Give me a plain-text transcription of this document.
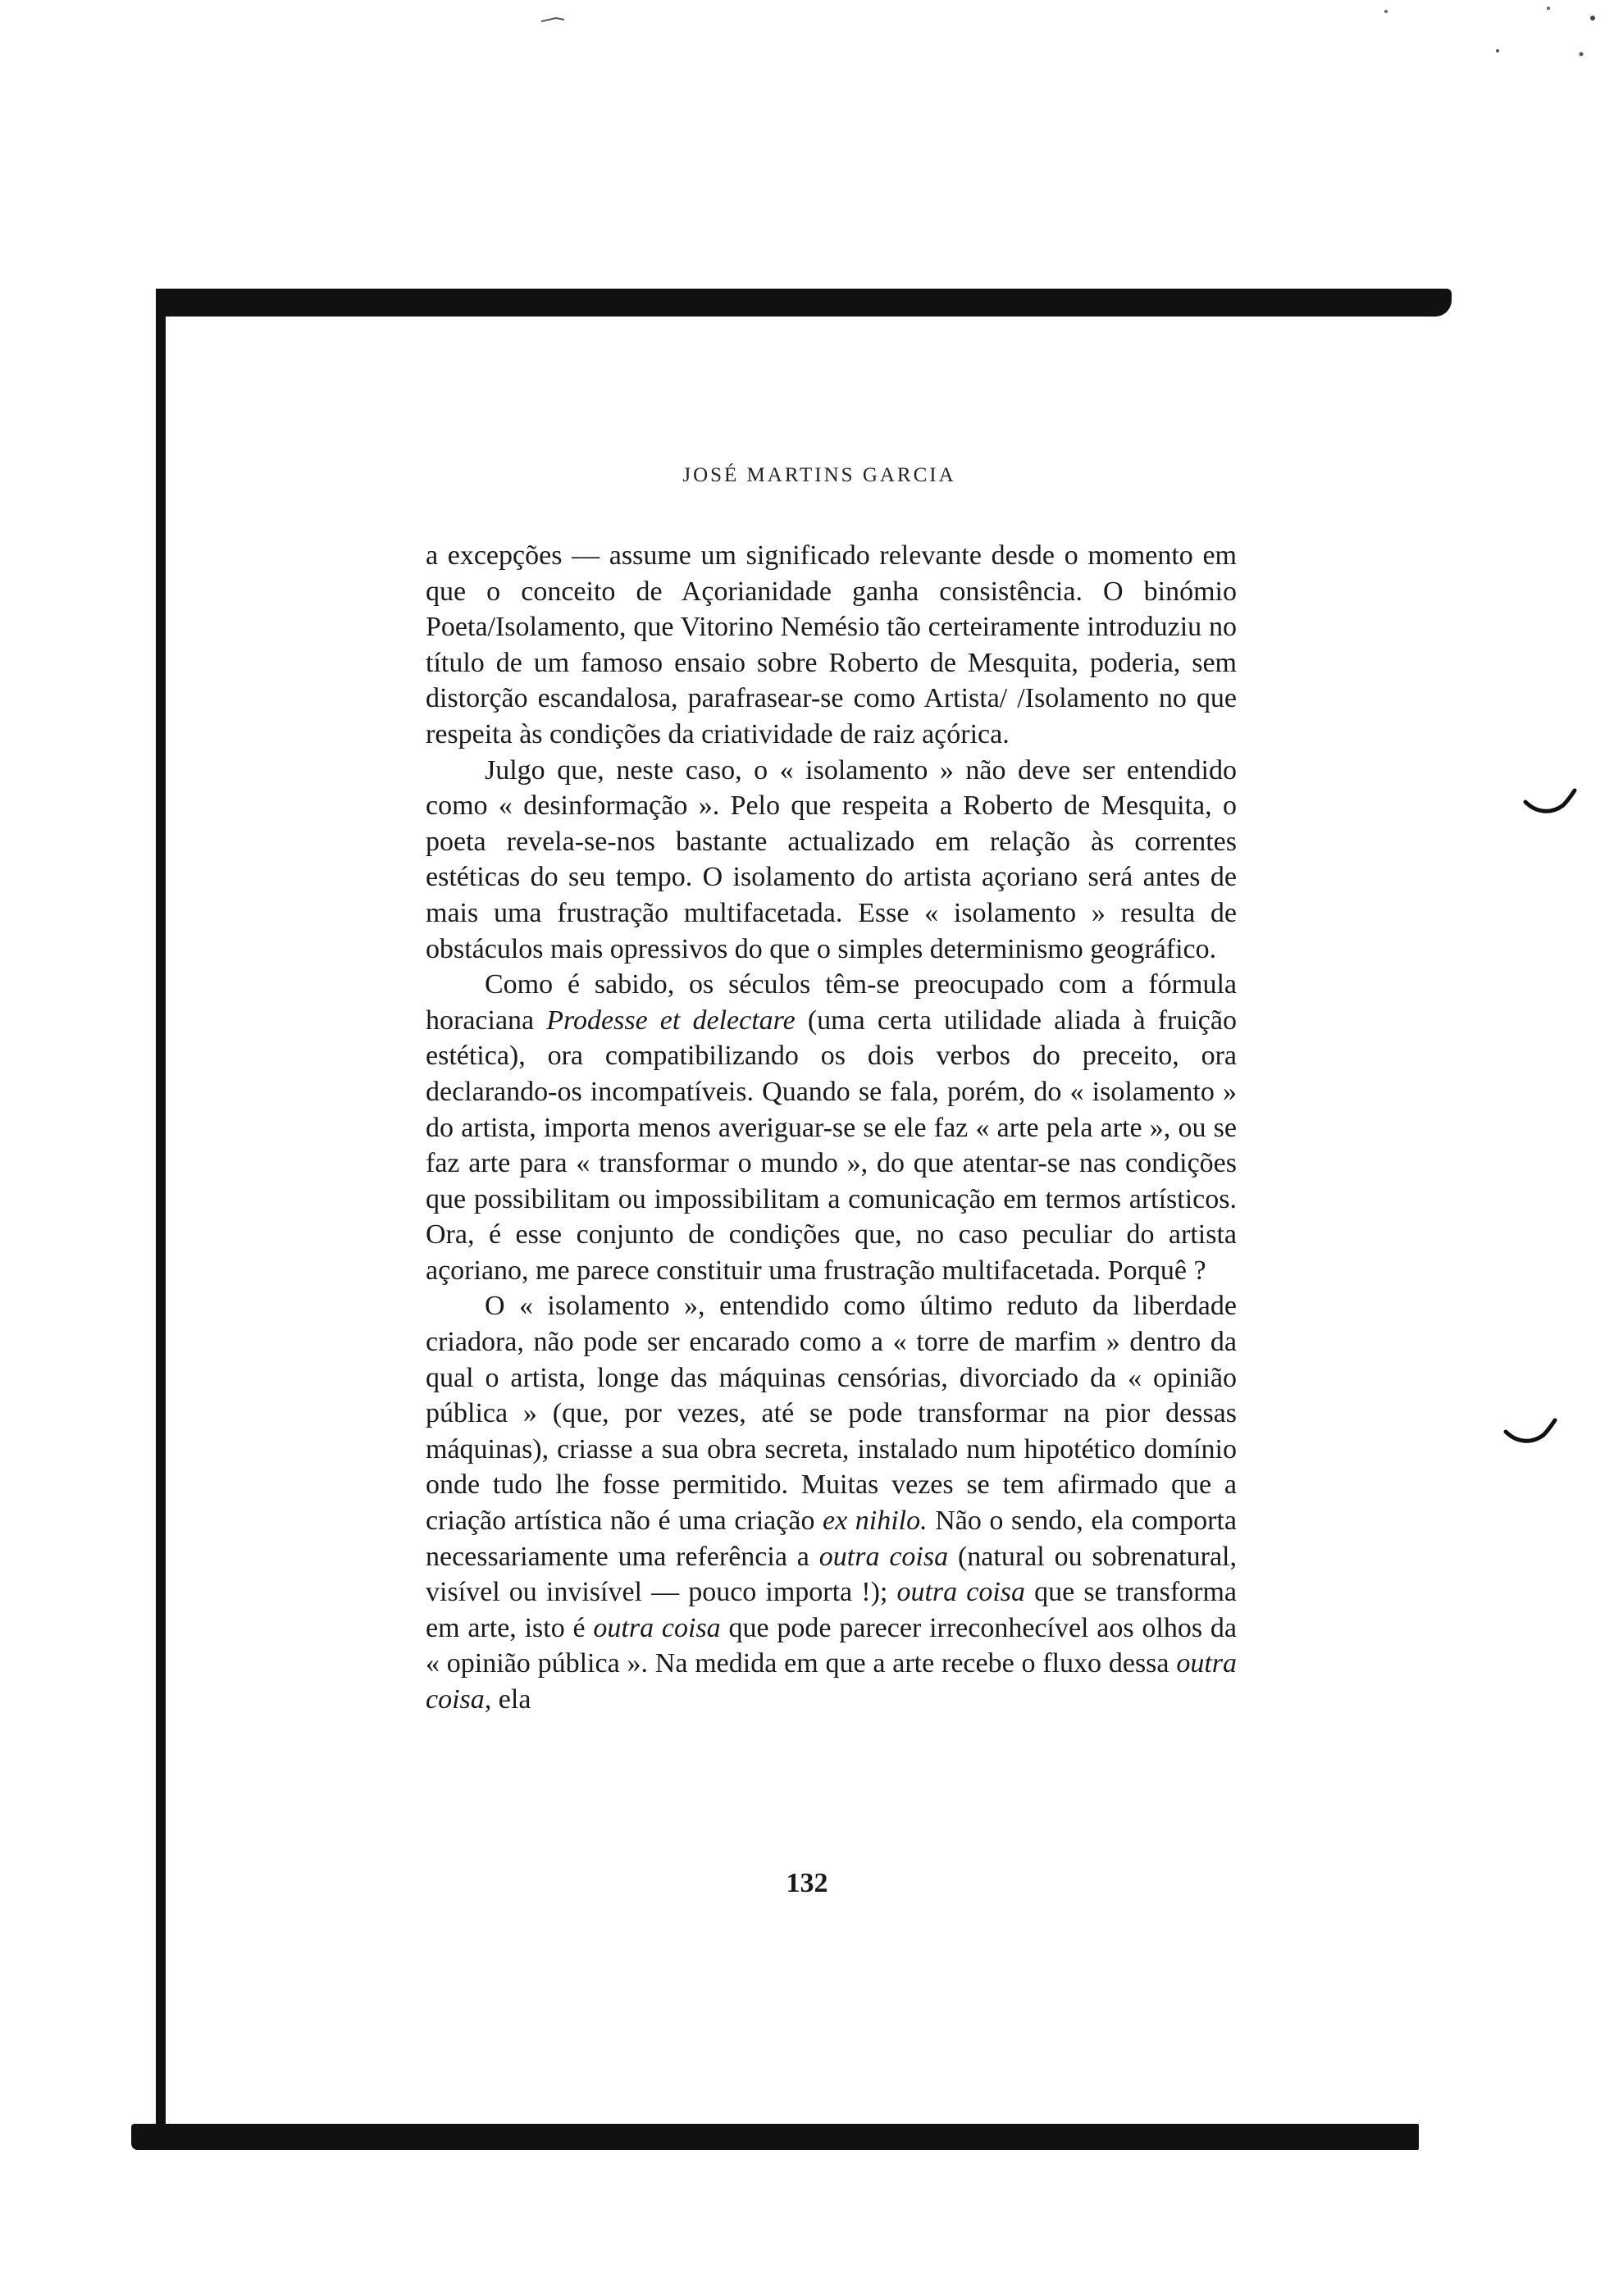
JOSÉ MARTINS GARCIA

a excepções — assume um significado relevante desde o momento em que o conceito de Açorianidade ganha consistência. O binómio Poeta/Isolamento, que Vitorino Nemésio tão certeiramente introduziu no título de um famoso ensaio sobre Roberto de Mesquita, poderia, sem distorção escandalosa, parafrasear-se como Artista/ /Isolamento no que respeita às condições da criatividade de raiz açórica.

Julgo que, neste caso, o « isolamento » não deve ser entendido como « desinformação ». Pelo que respeita a Roberto de Mesquita, o poeta revela-se-nos bastante actualizado em relação às correntes estéticas do seu tempo. O isolamento do artista açoriano será antes de mais uma frustração multifacetada. Esse « isolamento » resulta de obstáculos mais opressivos do que o simples determinismo geográfico.

Como é sabido, os séculos têm-se preocupado com a fórmula horaciana Prodesse et delectare (uma certa utilidade aliada à fruição estética), ora compatibilizando os dois verbos do preceito, ora declarando-os incompatíveis. Quando se fala, porém, do « isolamento » do artista, importa menos averiguar-se se ele faz « arte pela arte », ou se faz arte para « transformar o mundo », do que atentar-se nas condições que possibilitam ou impossibilitam a comunicação em termos artísticos. Ora, é esse conjunto de condições que, no caso peculiar do artista açoriano, me parece constituir uma frustração multifacetada. Porquê ?

O « isolamento », entendido como último reduto da liberdade criadora, não pode ser encarado como a « torre de marfim » dentro da qual o artista, longe das máquinas censórias, divorciado da « opinião pública » (que, por vezes, até se pode transformar na pior dessas máquinas), criasse a sua obra secreta, instalado num hipotético domínio onde tudo lhe fosse permitido. Muitas vezes se tem afirmado que a criação artística não é uma criação ex nihilo. Não o sendo, ela comporta necessariamente uma referência a outra coisa (natural ou sobrenatural, visível ou invisível — pouco importa !); outra coisa que se transforma em arte, isto é outra coisa que pode parecer irreconhecível aos olhos da « opinião pública ». Na medida em que a arte recebe o fluxo dessa outra coisa, ela

132
